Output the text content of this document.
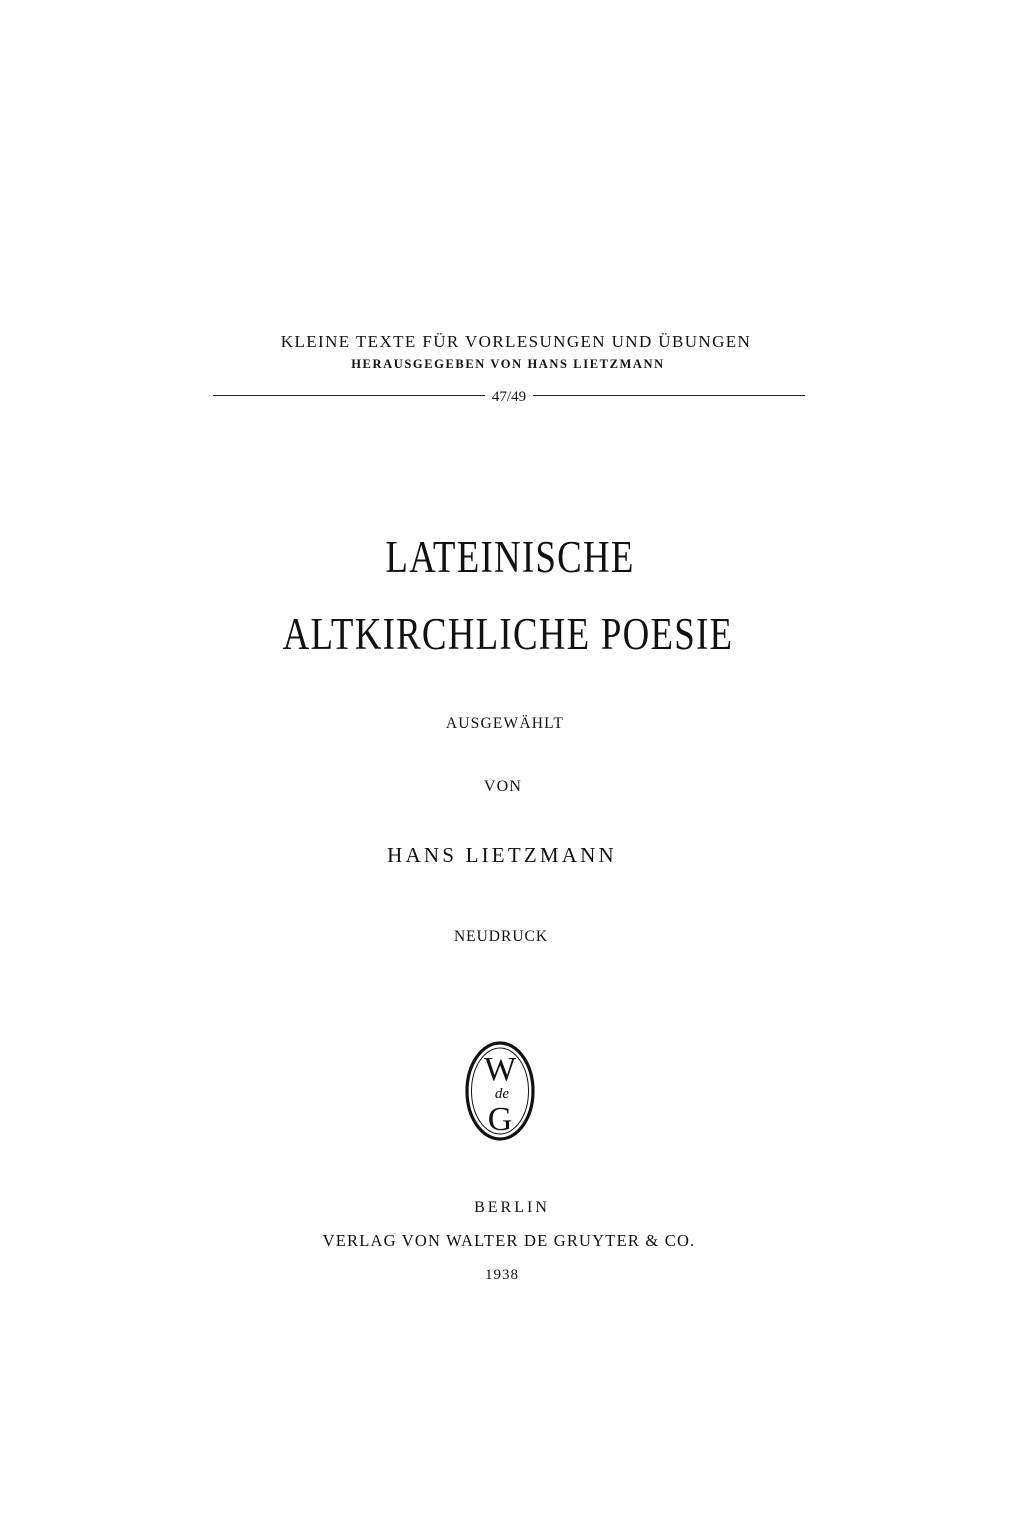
KLEINE TEXTE FÜR VORLESUNGEN UND ÜBUNGEN
HERAUSGEGEBEN VON HANS LIETZMANN
47/49
LATEINISCHE
ALTKIRCHLICHE POESIE
AUSGEWÄHLT
VON
HANS LIETZMANN
NEUDRUCK
W
de
G
BERLIN
VERLAG VON WALTER DE GRUYTER & CO.
1938
